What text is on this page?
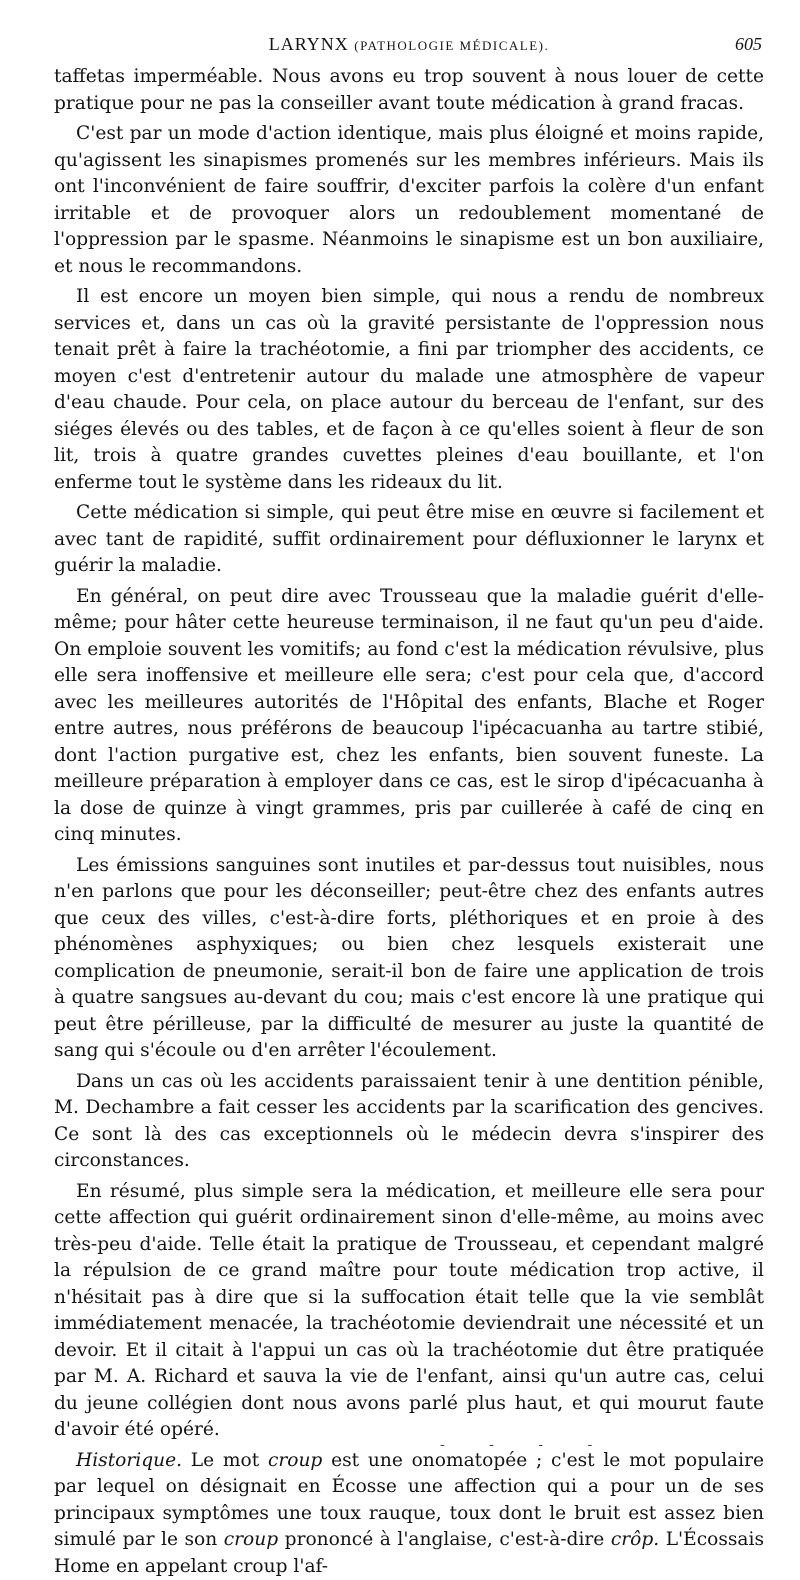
LARYNX (PATHOLOGIE MÉDICALE).	605

taffetas imperméable. Nous avons eu trop souvent à nous louer de cette pratique pour ne pas la conseiller avant toute médication à grand fracas.

C'est par un mode d'action identique, mais plus éloigné et moins rapide, qu'agissent les sinapismes promenés sur les membres inférieurs. Mais ils ont l'inconvénient de faire souffrir, d'exciter parfois la colère d'un enfant irritable et de provoquer alors un redoublement momentané de l'oppression par le spasme. Néanmoins le sinapisme est un bon auxiliaire, et nous le recommandons.

Il est encore un moyen bien simple, qui nous a rendu de nombreux services et, dans un cas où la gravité persistante de l'oppression nous tenait prêt à faire la trachéotomie, a fini par triompher des accidents, ce moyen c'est d'entretenir autour du malade une atmosphère de vapeur d'eau chaude. Pour cela, on place autour du berceau de l'enfant, sur des siéges élevés ou des tables, et de façon à ce qu'elles soient à fleur de son lit, trois à quatre grandes cuvettes pleines d'eau bouillante, et l'on enferme tout le système dans les rideaux du lit.

Cette médication si simple, qui peut être mise en œuvre si facilement et avec tant de rapidité, suffit ordinairement pour défluxionner le larynx et guérir la maladie.

En général, on peut dire avec Trousseau que la maladie guérit d'elle-même; pour hâter cette heureuse terminaison, il ne faut qu'un peu d'aide. On emploie souvent les vomitifs; au fond c'est la médication révulsive, plus elle sera inoffensive et meilleure elle sera; c'est pour cela que, d'accord avec les meilleures autorités de l'Hôpital des enfants, Blache et Roger entre autres, nous préférons de beaucoup l'ipécacuanha au tartre stibié, dont l'action purgative est, chez les enfants, bien souvent funeste. La meilleure préparation à employer dans ce cas, est le sirop d'ipécacuanha à la dose de quinze à vingt grammes, pris par cuillerée à café de cinq en cinq minutes.

Les émissions sanguines sont inutiles et par-dessus tout nuisibles, nous n'en parlons que pour les déconseiller; peut-être chez des enfants autres que ceux des villes, c'est-à-dire forts, pléthoriques et en proie à des phénomènes asphyxiques; ou bien chez lesquels existerait une complication de pneumonie, serait-il bon de faire une application de trois à quatre sangsues au-devant du cou; mais c'est encore là une pratique qui peut être périlleuse, par la difficulté de mesurer au juste la quantité de sang qui s'écoule ou d'en arrêter l'écoulement.

Dans un cas où les accidents paraissaient tenir à une dentition pénible, M. Dechambre a fait cesser les accidents par la scarification des gencives. Ce sont là des cas exceptionnels où le médecin devra s'inspirer des circonstances.

En résumé, plus simple sera la médication, et meilleure elle sera pour cette affection qui guérit ordinairement sinon d'elle-même, au moins avec très-peu d'aide. Telle était la pratique de Trousseau, et cependant malgré la répulsion de ce grand maître pour toute médication trop active, il n'hésitait pas à dire que si la suffocation était telle que la vie semblât immédiatement menacée, la trachéotomie deviendrait une nécessité et un devoir. Et il citait à l'appui un cas où la trachéotomie dut être pratiquée par M. A. Richard et sauva la vie de l'enfant, ainsi qu'un autre cas, celui du jeune collégien dont nous avons parlé plus haut, et qui mourut faute d'avoir été opéré.

Historique. Le mot croup est une onomatopée ; c'est le mot populaire par lequel on désignait en Écosse une affection qui a pour un de ses principaux symptômes une toux rauque, toux dont le bruit est assez bien simulé par le son croup prononcé à l'anglaise, c'est-à-dire crôp. L'Écossais Home en appelant croup l'af-

- - - -
